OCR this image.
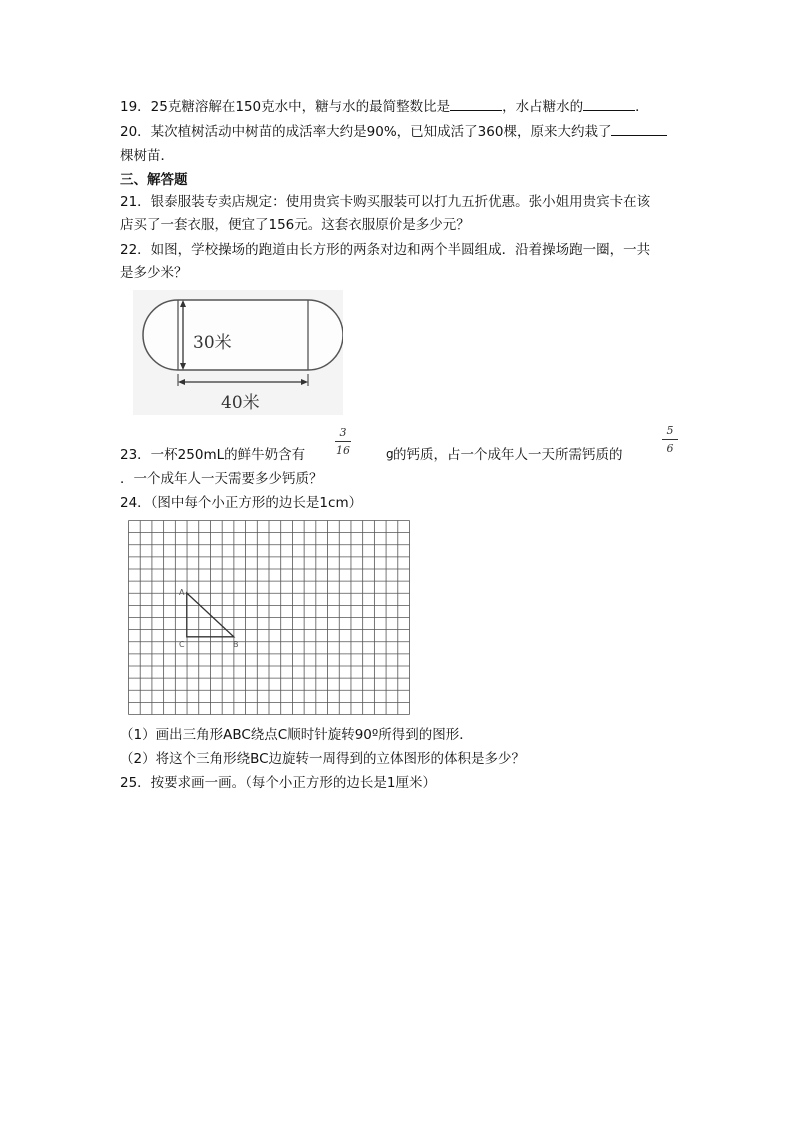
19．25克糖溶解在150克水中，糖与水的最简整数比是	，水占糖水的	．
20．某次植树活动中树苗的成活率大约是90%，已知成活了360棵，原来大约栽了
棵树苗．
三、解答题
21．银泰服装专卖店规定：使用贵宾卡购买服装可以打九五折优惠。张小姐用贵宾卡在该
店买了一套衣服，便宜了156元。这套衣服原价是多少元？
22．如图，学校操场的跑道由长方形的两条对边和两个半圆组成．沿着操场跑一圈，一共
是多少米？
30米
40米
23．一杯250mL的鲜牛奶含有
3
16	g 的钙质，占一个成年人一天所需钙质的
5
6
．一个成年人一天需要多少钙质？
24．（图中每个小正方形的边长是1cm）
A
C	B
（1）画出三角形ABC绕点C顺时针旋转90º所得到的图形．
（2）将这个三角形绕BC边旋转一周得到的立体图形的体积是多少？
25．按要求画一画。（每个小正方形的边长是1厘米）
